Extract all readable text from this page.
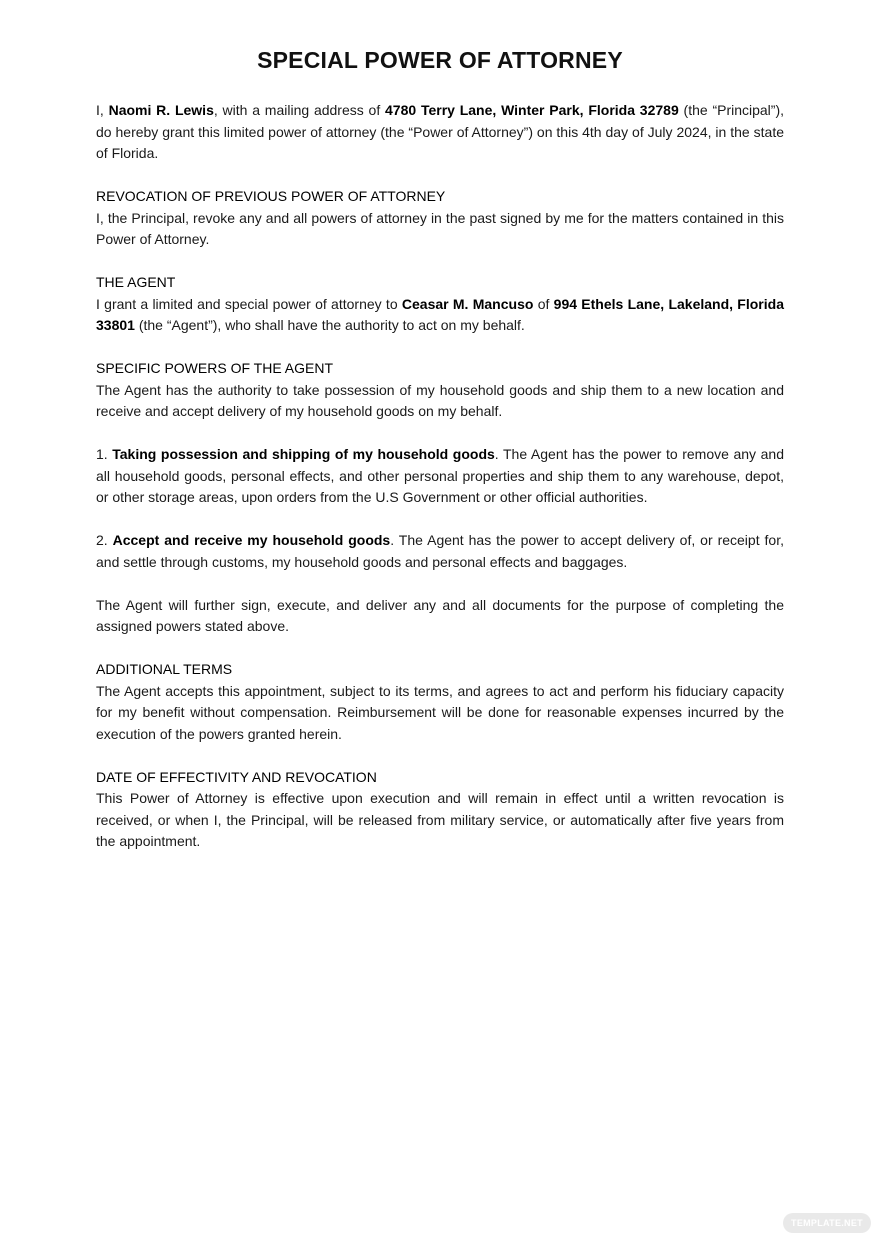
SPECIAL POWER OF ATTORNEY

I, Naomi R. Lewis, with a mailing address of 4780 Terry Lane, Winter Park, Florida 32789 (the “Principal”), do hereby grant this limited power of attorney (the “Power of Attorney”) on this 4th day of July 2024, in the state of Florida.

REVOCATION OF PREVIOUS POWER OF ATTORNEY
I, the Principal, revoke any and all powers of attorney in the past signed by me for the matters contained in this Power of Attorney.
THE AGENT
I grant a limited and special power of attorney to Ceasar M. Mancuso of 994 Ethels Lane, Lakeland, Florida 33801 (the “Agent”), who shall have the authority to act on my behalf.
SPECIFIC POWERS OF THE AGENT
The Agent has the authority to take possession of my household goods and ship them to a new location and receive and accept delivery of my household goods on my behalf.

1. Taking possession and shipping of my household goods. The Agent has the power to remove any and all household goods, personal effects, and other personal properties and ship them to any warehouse, depot, or other storage areas, upon orders from the U.S Government or other official authorities.

2. Accept and receive my household goods. The Agent has the power to accept delivery of, or receipt for, and settle through customs, my household goods and personal effects and baggages.

The Agent will further sign, execute, and deliver any and all documents for the purpose of completing the assigned powers stated above.

ADDITIONAL TERMS
The Agent accepts this appointment, subject to its terms, and agrees to act and perform his fiduciary capacity for my benefit without compensation. Reimbursement will be done for reasonable expenses incurred by the execution of the powers granted herein.
DATE OF EFFECTIVITY AND REVOCATION
This Power of Attorney is effective upon execution and will remain in effect until a written revocation is received, or when I, the Principal, will be released from military service, or automatically after five years from the appointment.
TEMPLATE.NET
